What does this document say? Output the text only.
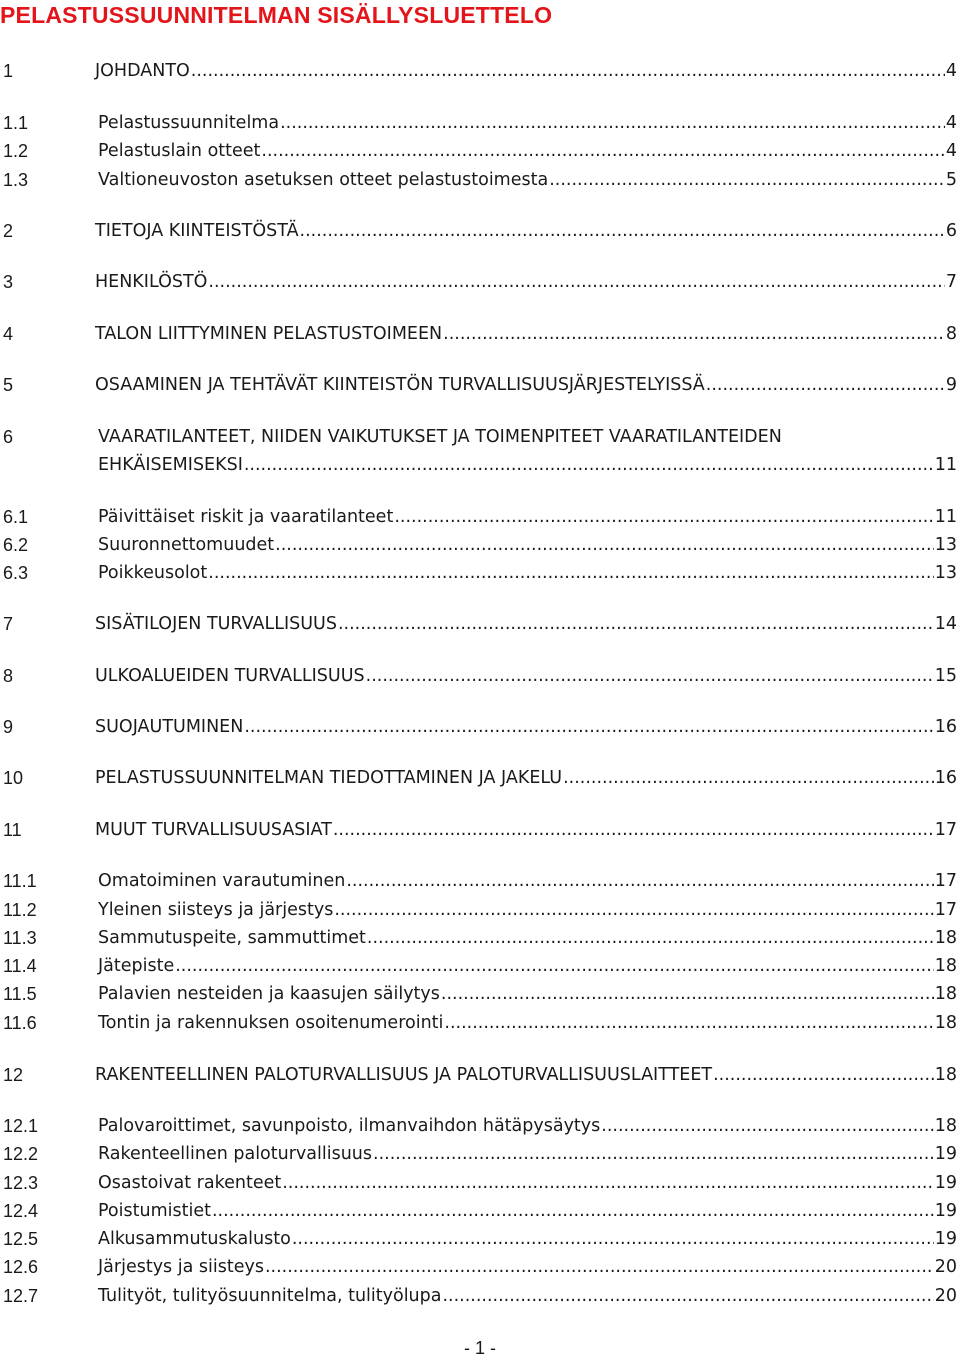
PELASTUSSUUNNITELMAN SISÄLLYSLUETTELO
1	JOHDANTO .....	4
1.1	Pelastussuunnitelma .....	4
1.2	Pelastuslain otteet .....	4
1.3	Valtioneuvoston asetuksen otteet pelastustoimesta .....	5
2	TIETOJA KIINTEISTÖSTÄ .....	6
3	HENKILÖSTÖ .....	7
4	TALON LIITTYMINEN PELASTUSTOIMEEN .....	8
5	OSAAMINEN JA TEHTÄVÄT KIINTEISTÖN TURVALLISUUSJÄRJESTELYISSÄ .....	9
6	VAARATILANTEET, NIIDEN VAIKUTUKSET JA TOIMENPITEET VAARATILANTEIDEN
EHKÄISEMISEKSI .....	11
6.1	Päivittäiset riskit ja vaaratilanteet .....	11
6.2	Suuronnettomuudet .....	13
6.3	Poikkeusolot .....	13
7	SISÄTILOJEN TURVALLISUUS .....	14
8	ULKOALUEIDEN TURVALLISUUS .....	15
9	SUOJAUTUMINEN .....	16
10	PELASTUSSUUNNITELMAN TIEDOTTAMINEN JA JAKELU .....	16
11	MUUT TURVALLISUUSASIAT .....	17
11.1	Omatoiminen varautuminen .....	17
11.2	Yleinen siisteys ja järjestys .....	17
11.3	Sammutuspeite, sammuttimet .....	18
11.4	Jätepiste .....	18
11.5	Palavien nesteiden ja kaasujen säilytys .....	18
11.6	Tontin ja rakennuksen osoitenumerointi .....	18
12	RAKENTEELLINEN PALOTURVALLISUUS JA PALOTURVALLISUUSLAITTEET .....	18
12.1	Palovaroittimet, savunpoisto, ilmanvaihdon hätäpysäytys .....	18
12.2	Rakenteellinen paloturvallisuus .....	19
12.3	Osastoivat rakenteet .....	19
12.4	Poistumistiet .....	19
12.5	Alkusammutuskalusto .....	19
12.6	Järjestys ja siisteys .....	20
12.7	Tulityöt, tulityösuunnitelma, tulityölupa .....	20
- 1 -
